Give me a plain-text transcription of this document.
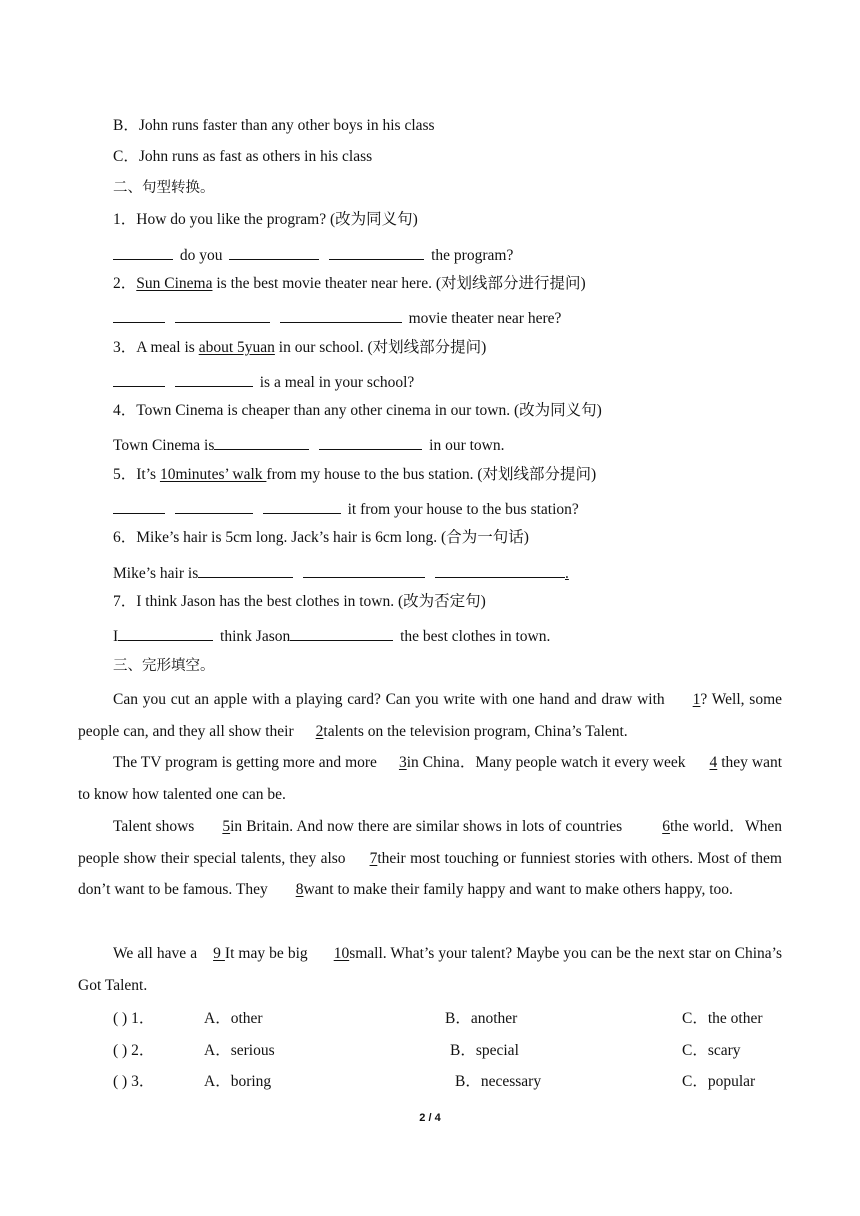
B．John runs faster than any other boys in his class
C．John runs as fast as others in his class
二、句型转换。
1．How do you like the program? (改为同义句)
do you	the program?
2．Sun Cinema is the best movie theater near here. (对划线部分进行提问)
movie theater near here?
3．A meal is about 5yuan in our school. (对划线部分提问)
is a meal in your school?
4．Town Cinema is cheaper than any other cinema in our town. (改为同义句)
Town Cinema is	in our town.
5．It’s 10minutes’ walk from my house to the bus station. (对划线部分提问)
it from your house to the bus station?
6．Mike’s hair is 5cm long. Jack’s hair is 6cm long. (合为一句话)
Mike’s hair is	.
7．I think Jason has the best clothes in town. (改为否定句)
I	think Jason	the best clothes in town.
三、完形填空。
Can you cut an apple with a playing card? Can you write with one hand and draw with 1? Well, some people can, and they all show their 2talents on the television program, China’s Talent.
The TV program is getting more and more 3in China．Many people watch it every week 4 they want to know how talented one can be.
Talent shows 5in Britain. And now there are similar shows in lots of countries	6the world．When people show their special talents, they also 7their most touching or funniest stories with others. Most of them don’t want to be famous. They 8want to make their family happy and want to make others happy, too.
We all have a 9 It may be big 10small. What’s your talent? Maybe you can be the next star on China’s Got Talent.
( ) 1．	A．other	B．another	C．the other
( ) 2．	A．serious	B．special	C．scary
( ) 3．	A．boring	B．necessary	C．popular
2 / 4
